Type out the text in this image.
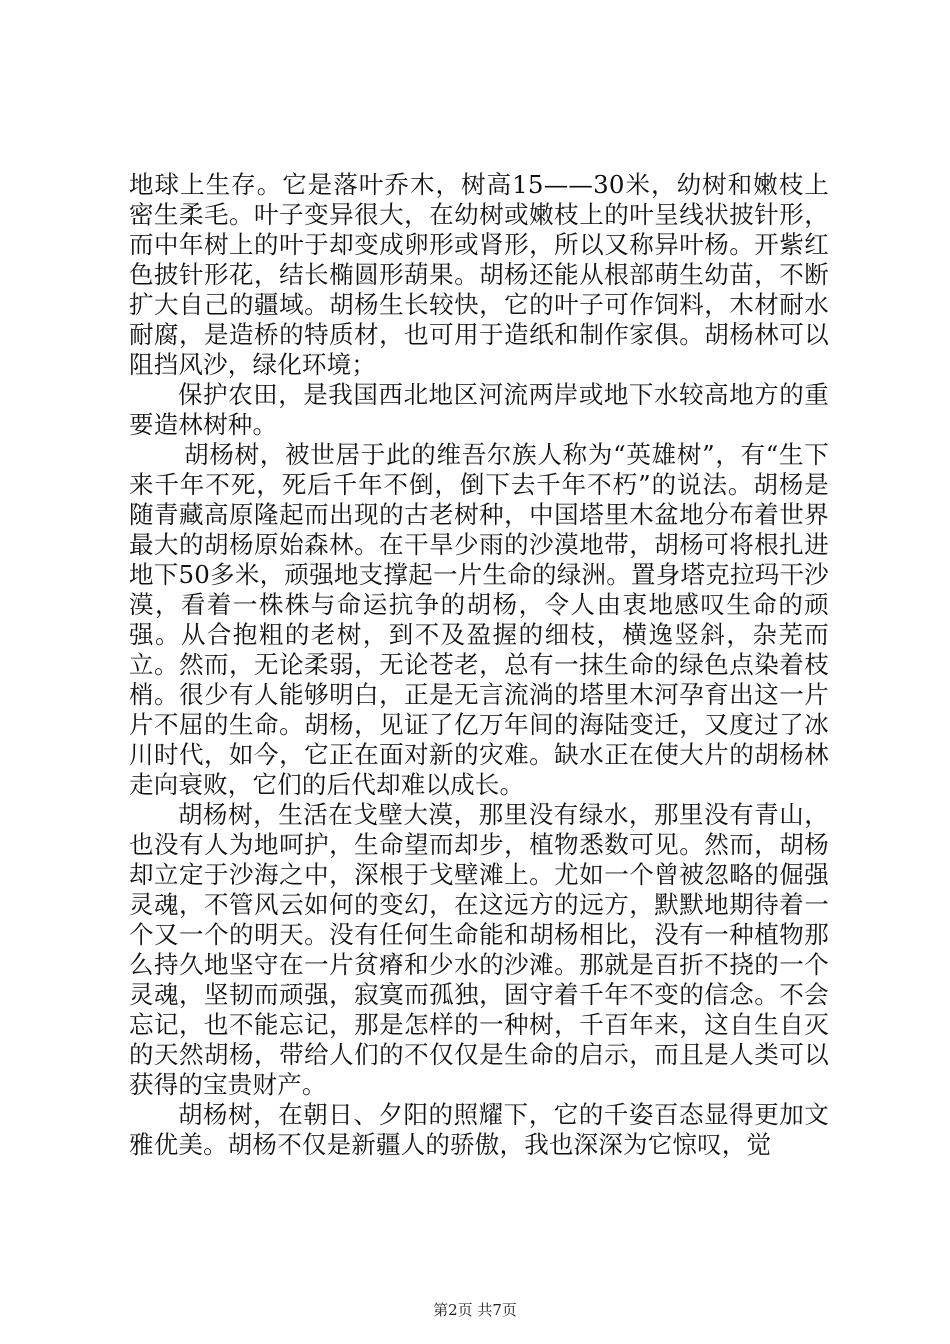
地球上生存。它是落叶乔木，树高15——30米，幼树和嫩枝上密生柔毛。叶子变异很大，在幼树或嫩枝上的叶呈线状披针形，而中年树上的叶于却变成卵形或肾形，所以又称异叶杨。开紫红色披针形花，结长椭圆形葫果。胡杨还能从根部萌生幼苗，不断扩大自己的疆域。胡杨生长较快，它的叶子可作饲料，木材耐水耐腐，是造桥的特质材，也可用于造纸和制作家俱。胡杨林可以阻挡风沙，绿化环境；

保护农田，是我国西北地区河流两岸或地下水较高地方的重要造林树种。

胡杨树，被世居于此的维吾尔族人称为“英雄树”，有“生下来千年不死，死后千年不倒，倒下去千年不朽”的说法。胡杨是随青藏高原隆起而出现的古老树种，中国塔里木盆地分布着世界最大的胡杨原始森林。在干旱少雨的沙漠地带，胡杨可将根扎进地下50多米，顽强地支撑起一片生命的绿洲。置身塔克拉玛干沙漠，看着一株株与命运抗争的胡杨，令人由衷地感叹生命的顽强。从合抱粗的老树，到不及盈握的细枝，横逸竖斜，杂芜而立。然而，无论柔弱，无论苍老，总有一抹生命的绿色点染着枝梢。很少有人能够明白，正是无言流淌的塔里木河孕育出这一片片不屈的生命。胡杨，见证了亿万年间的海陆变迁，又度过了冰川时代，如今，它正在面对新的灾难。缺水正在使大片的胡杨林走向衰败，它们的后代却难以成长。

胡杨树，生活在戈壁大漠，那里没有绿水，那里没有青山，也没有人为地呵护，生命望而却步，植物悉数可见。然而，胡杨却立定于沙海之中，深根于戈壁滩上。尤如一个曾被忽略的倔强灵魂，不管风云如何的变幻，在这远方的远方，默默地期待着一个又一个的明天。没有任何生命能和胡杨相比，没有一种植物那么持久地坚守在一片贫瘠和少水的沙滩。那就是百折不挠的一个灵魂，坚韧而顽强，寂寞而孤独，固守着千年不变的信念。不会忘记，也不能忘记，那是怎样的一种树，千百年来，这自生自灭的天然胡杨，带给人们的不仅仅是生命的启示，而且是人类可以获得的宝贵财产。

胡杨树，在朝日、夕阳的照耀下，它的千姿百态显得更加文雅优美。胡杨不仅是新疆人的骄傲，我也深深为它惊叹，觉

第2页 共7页
